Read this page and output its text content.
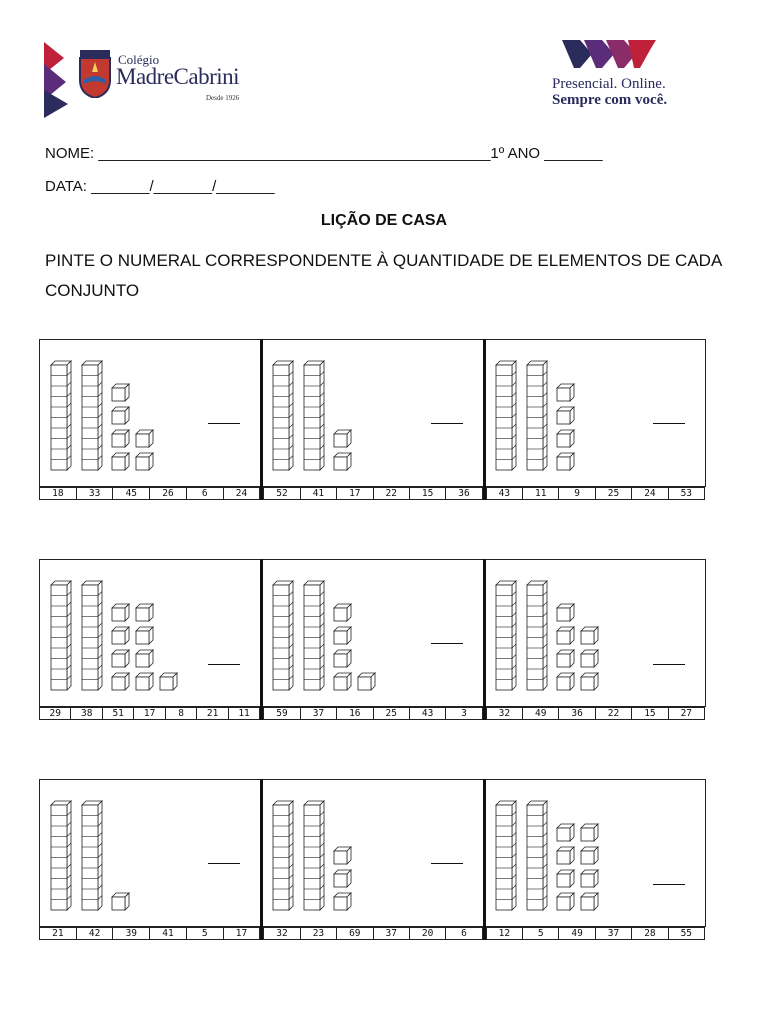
Colégio
MadreCabrini
Desde 1926
Presencial. Online.
Sempre com você.
NOME: _______________________________________________1º ANO _______
DATA: _______/_______/_______
LIÇÃO DE CASA
PINTE O NUMERAL CORRESPONDENTE À QUANTIDADE DE ELEMENTOS DE CADA CONJUNTO
18	33	45	26	6	24	52	41	17	22	15	36	43	11	9	25	24	53
29	38	51	17	8	21	11	59	37	16	25	43	3	32	49	36	22	15	27
21	42	39	41	5	17	32	23	69	37	20	6	12	5	49	37	28	55
